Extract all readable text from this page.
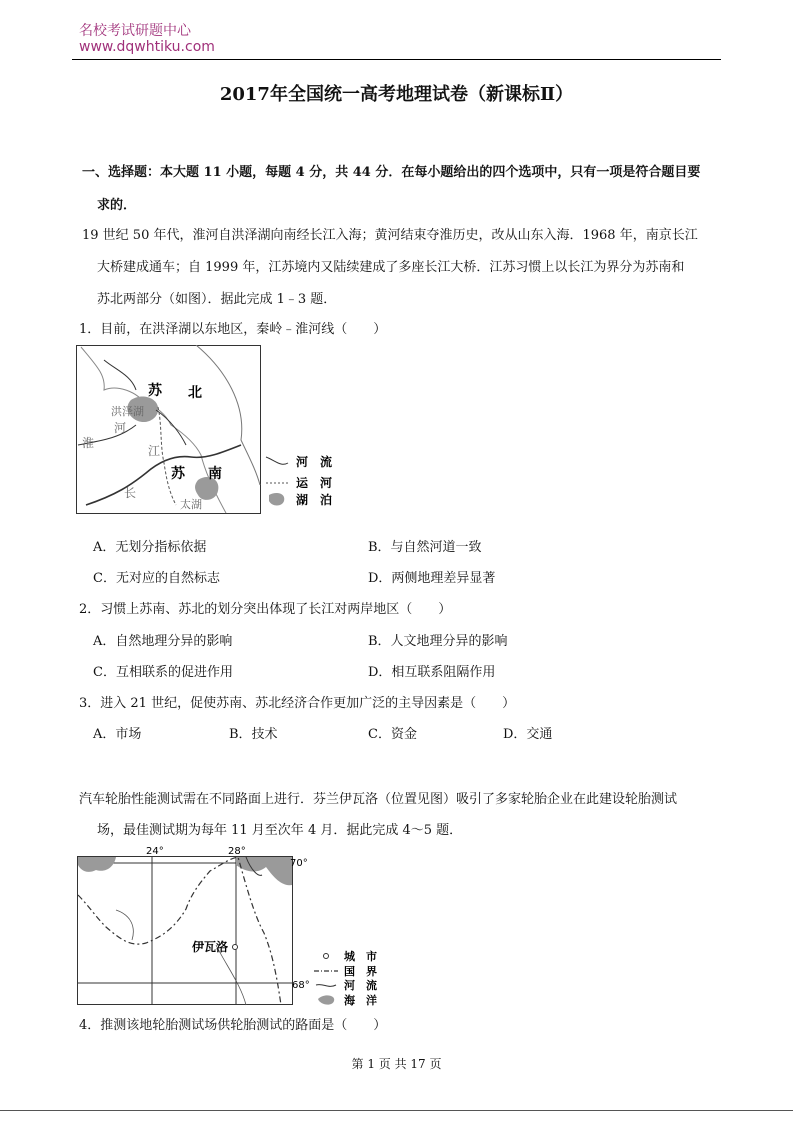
名校考试研题中心
www.dqwhtiku.com
2017年全国统一高考地理试卷（新课标Ⅱ）
一、选择题：本大题 11 小题，每题 4 分，共 44 分．在每小题给出的四个选项中，只有一项是符合题目要
求的．
19 世纪 50 年代，淮河自洪泽湖向南经长江入海；黄河结束夺淮历史，改从山东入海．1968 年，南京长江
大桥建成通车；自 1999 年，江苏境内又陆续建成了多座长江大桥．江苏习惯上以长江为界分为苏南和
苏北两部分（如图）．据此完成 1﹣3 题．
1．目前，在洪泽湖以东地区，秦岭﹣淮河线（　　）
苏 北
洪泽湖
河
淮
江
苏 南
长
太湖
河　流
运　河
湖　泊
A．无划分指标依据	B．与自然河道一致
C．无对应的自然标志	D．两侧地理差异显著
2．习惯上苏南、苏北的划分突出体现了长江对两岸地区（　　）
A．自然地理分异的影响	B．人文地理分异的影响
C．互相联系的促进作用	D．相互联系阻隔作用
3．进入 21 世纪，促使苏南、苏北经济合作更加广泛的主导因素是（　　）
A．市场	B．技术	C．资金	D．交通
汽车轮胎性能测试需在不同路面上进行．芬兰伊瓦洛（位置见图）吸引了多家轮胎企业在此建设轮胎测试
场，最佳测试期为每年 11 月至次年 4 月．据此完成 4～5 题．
24°	28°
70°
68°
伊瓦洛
城　市
国　界
河　流
海　洋
4．推测该地轮胎测试场供轮胎测试的路面是（　　）
第 1 页 共 17 页
